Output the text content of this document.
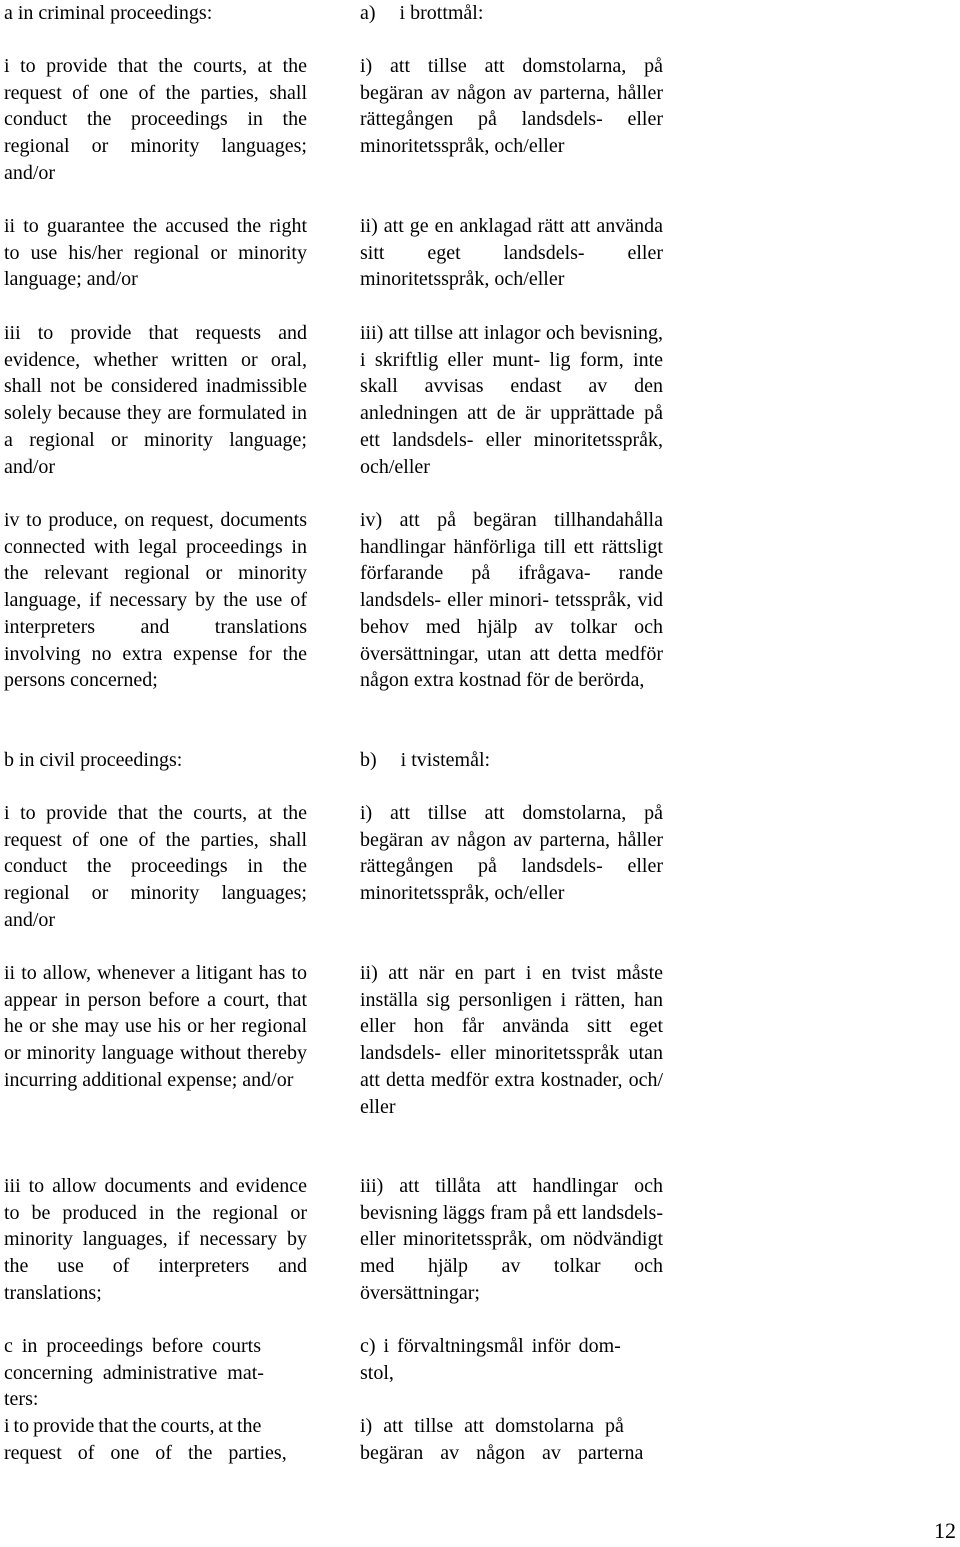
a in criminal proceedings:

i to provide that the courts, at the request of one of the parties, shall conduct the proceedings in the regional or minority languages; and/or

ii to guarantee the accused the right to use his/her regional or minority language; and/or

iii to provide that requests and evidence, whether written or oral, shall not be considered inadmissible solely because they are formulated in a regional or minority language; and/or

iv to produce, on request, documents connected with legal proceedings in the relevant regional or minority language, if necessary by the use of interpreters and translations involving no extra expense for the persons concerned;

b in civil proceedings:

i to provide that the courts, at the request of one of the parties, shall conduct the proceedings in the regional or minority languages; and/or

ii to allow, whenever a litigant has to appear in person before a court, that he or she may use his or her regional or minority language without thereby incurring additional expense; and/or

iii to allow documents and evidence to be produced in the regional or minority languages, if necessary by the use of interpreters and translations;

c in proceedings before courts
concerning administrative mat-
ters:

i to provide that the courts, at the
request of one of the parties,

a) i brottmål:

i) att tillse att domstolarna, på begäran av någon av parterna, håller rättegången på landsdels- eller minoritetsspråk, och/eller

ii) att ge en anklagad rätt att använda sitt eget landsdels- eller minoritetsspråk, och/eller

iii) att tillse att inlagor och bevisning, i skriftlig eller munt- lig form, inte skall avvisas endast av den anledningen att de är upprättade på ett landsdels- eller minoritetsspråk, och/eller

iv) att på begäran tillhandahålla handlingar hänförliga till ett rättsligt förfarande på ifrågava- rande landsdels- eller minori- tetsspråk, vid behov med hjälp av tolkar och översättningar, utan att detta medför någon extra kostnad för de berörda,

b) i tvistemål:

i) att tillse att domstolarna, på begäran av någon av parterna, håller rättegången på landsdels- eller minoritetsspråk, och/eller

ii) att när en part i en tvist måste inställa sig personligen i rätten, han eller hon får använda sitt eget landsdels- eller minoritetsspråk utan att detta medför extra kostnader, och/ eller

iii) att tillåta att handlingar och bevisning läggs fram på ett landsdels- eller minoritetsspråk, om nödvändigt med hjälp av tolkar och översättningar;

c) i förvaltningsmål inför dom-
stol,

i) att tillse att domstolarna på
begäran av någon av parterna

12
